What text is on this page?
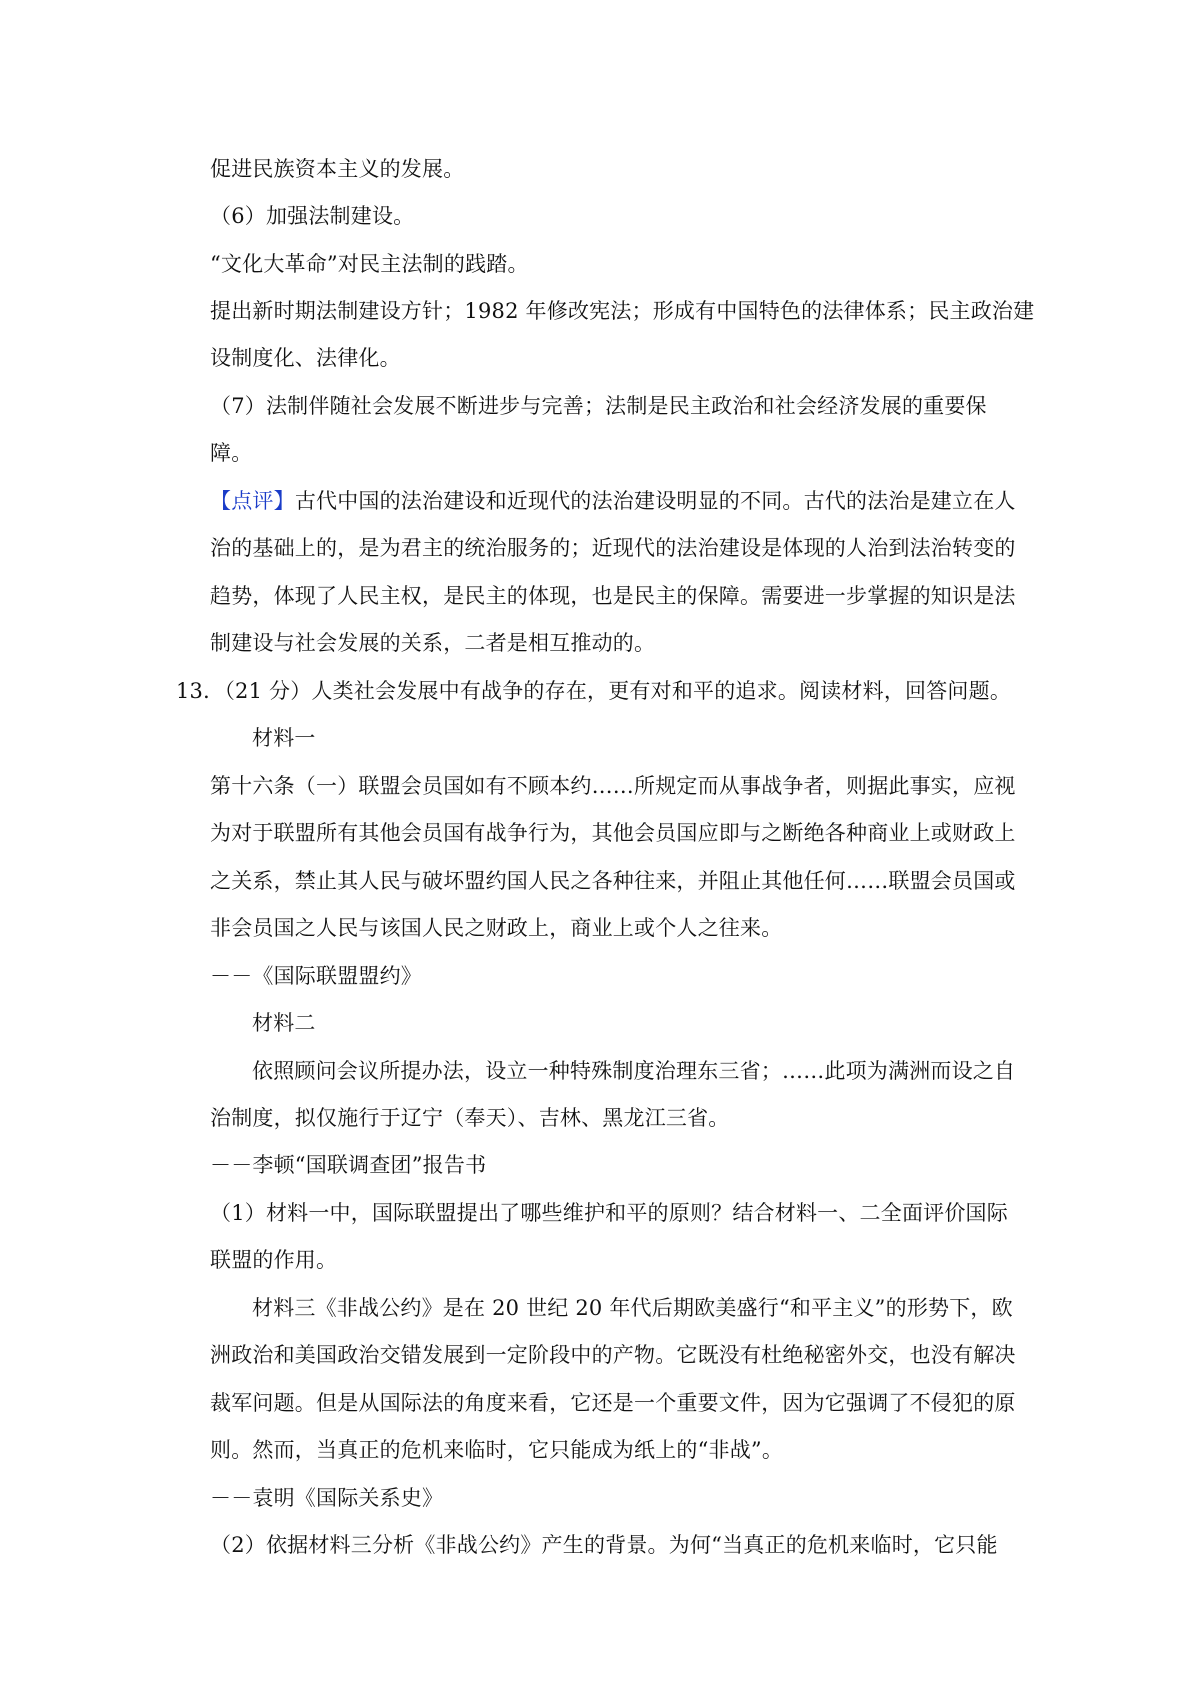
促进民族资本主义的发展。
（6）加强法制建设。
“文化大革命”对民主法制的践踏。
提出新时期法制建设方针；1982 年修改宪法；形成有中国特色的法律体系；民主政治建
设制度化、法律化。
（7）法制伴随社会发展不断进步与完善；法制是民主政治和社会经济发展的重要保
障。
【点评】古代中国的法治建设和近现代的法治建设明显的不同。古代的法治是建立在人
治的基础上的，是为君主的统治服务的；近现代的法治建设是体现的人治到法治转变的
趋势，体现了人民主权，是民主的体现，也是民主的保障。需要进一步掌握的知识是法
制建设与社会发展的关系，二者是相互推动的。
13．（21 分）人类社会发展中有战争的存在，更有对和平的追求。阅读材料，回答问题。
材料一
第十六条（一）联盟会员国如有不顾本约……所规定而从事战争者，则据此事实，应视
为对于联盟所有其他会员国有战争行为，其他会员国应即与之断绝各种商业上或财政上
之关系，禁止其人民与破坏盟约国人民之各种往来，并阻止其他任何……联盟会员国或
非会员国之人民与该国人民之财政上，商业上或个人之往来。
－－《国际联盟盟约》
材料二
依照顾问会议所提办法，设立一种特殊制度治理东三省；……此项为满洲而设之自
治制度，拟仅施行于辽宁（奉天）、吉林、黑龙江三省。
－－李顿“国联调查团”报告书
（1）材料一中，国际联盟提出了哪些维护和平的原则？结合材料一、二全面评价国际
联盟的作用。
材料三《非战公约》是在 20 世纪 20 年代后期欧美盛行“和平主义”的形势下，欧
洲政治和美国政治交错发展到一定阶段中的产物。它既没有杜绝秘密外交，也没有解决
裁军问题。但是从国际法的角度来看，它还是一个重要文件，因为它强调了不侵犯的原
则。然而，当真正的危机来临时，它只能成为纸上的“非战”。
－－袁明《国际关系史》
（2）依据材料三分析《非战公约》产生的背景。为何“当真正的危机来临时，它只能
